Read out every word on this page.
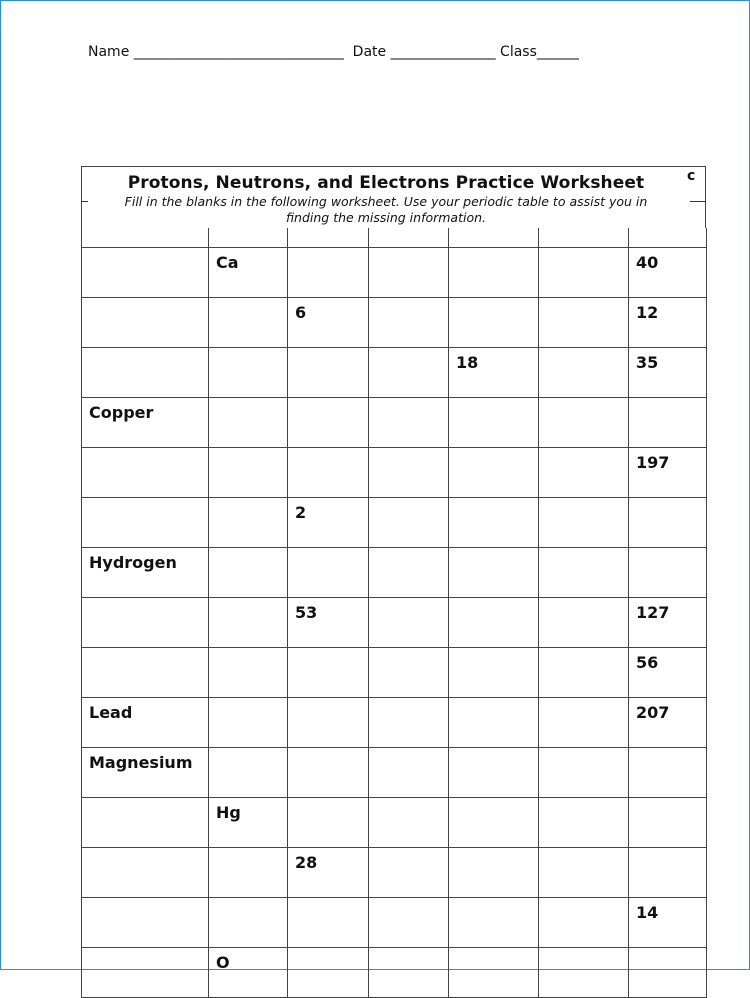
Name ______________________________ Date _______________ Class______
c
Protons, Neutrons, and Electrons Practice Worksheet
Fill in the blanks in the following worksheet. Use your periodic table to assist you in finding the missing information.

	Ca					40
		6				12
				18		35
Copper						
						197
		2				
Hydrogen						
		53				127
						56
Lead						207
Magnesium						
	Hg					
		28				
						14
	O					
